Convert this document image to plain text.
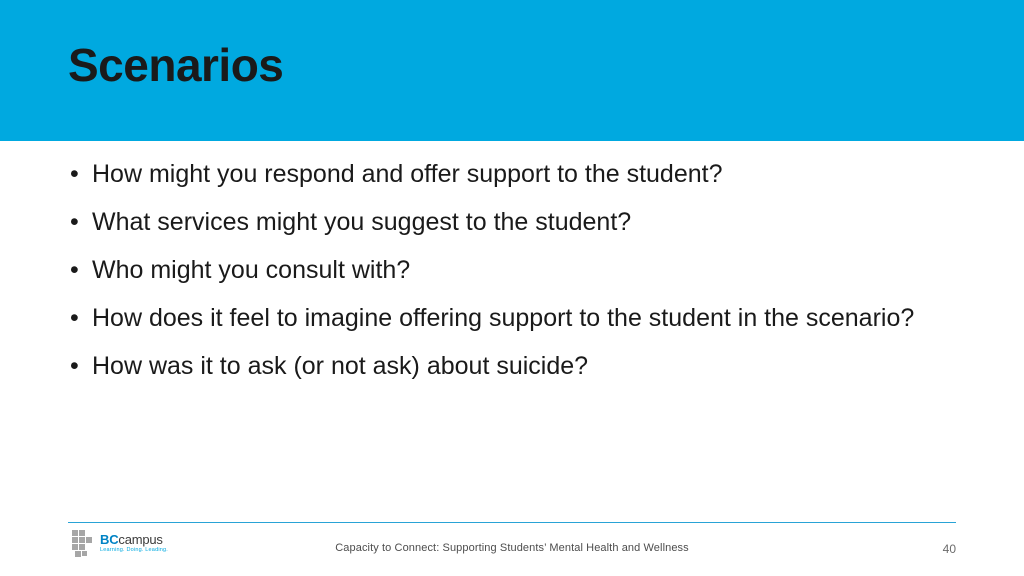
Scenarios
• How might you respond and offer support to the student?
• What services might you suggest to the student?
• Who might you consult with?
• How does it feel to imagine offering support to the student in the scenario?
• How was it to ask (or not ask) about suicide?
BCcampus
Learning. Doing. Leading.	Capacity to Connect: Supporting Students’ Mental Health and Wellness	40
